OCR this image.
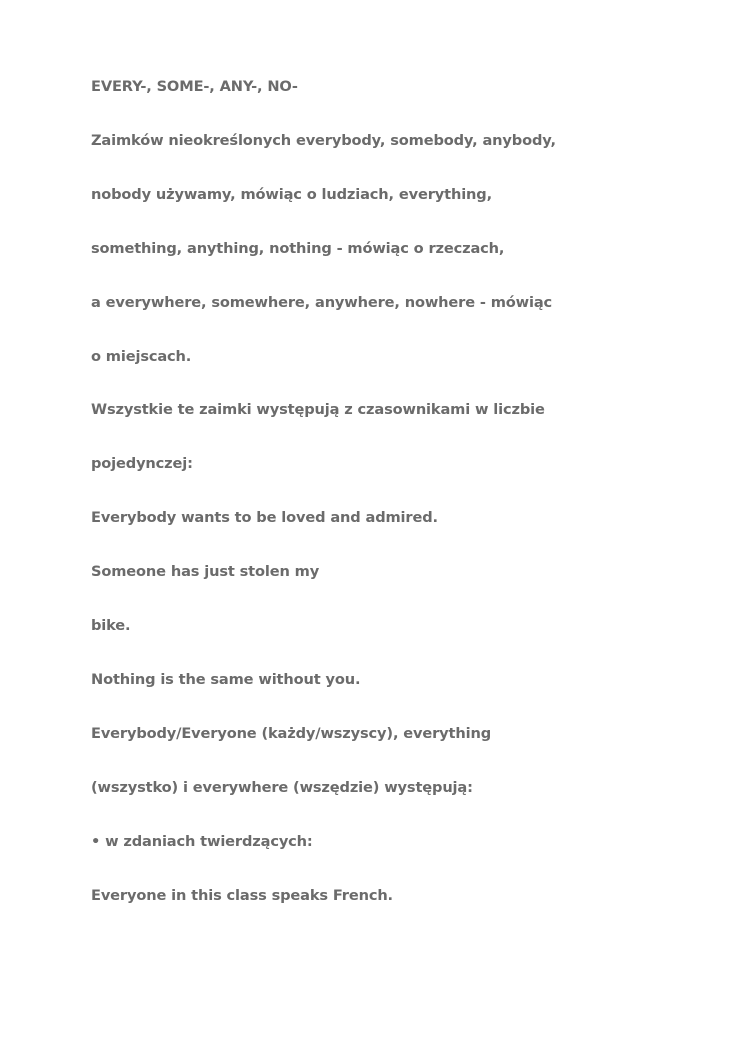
EVERY-, SOME-, ANY-, NO-

Zaimków nieokreślonych everybody, somebody, anybody,

nobody używamy, mówiąc o ludziach, everything,

something, anything, nothing - mówiąc o rzeczach,

a everywhere, somewhere, anywhere, nowhere - mówiąc

o miejscach.

Wszystkie te zaimki występują z czasownikami w liczbie

pojedynczej:

Everybody wants to be loved and admired.

Someone has just stolen my

bike.

Nothing is the same without you.

Everybody/Everyone (każdy/wszyscy), everything

(wszystko) i everywhere (wszędzie) występują:

• w zdaniach twierdzących:

Everyone in this class speaks French.
